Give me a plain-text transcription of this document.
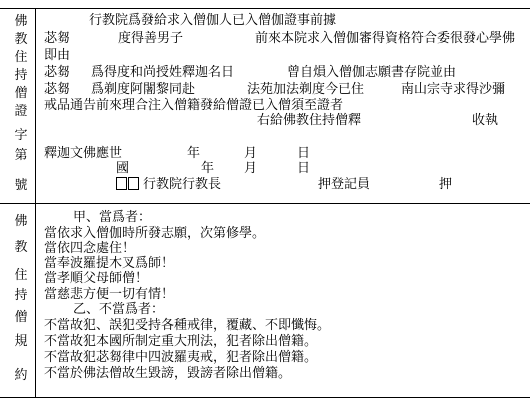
佛
教
住
持
僧
證
字
第
號
佛
教
住
持
僧
規
約
行教院爲發給求入僧伽人已入僧伽證事前據
苾芻	度得善男子	前來本院求入僧伽審得資格符合委很發心學佛
即由
苾芻 爲得度和尚授姓釋迦名日	曾自熉入僧伽志願書存院並由
苾芻 爲剃度阿闍黎同赴	法苑加法剃度今已住	南山宗寺求得沙彌
戒品通告前來理合注入僧籍發給僧證已入僧須至證者
右給佛教住持僧釋	收執
釋迦文佛應世	年	月	日
國	年 月	日
行教院行教長	押登記員	押
甲、當爲者：
當依求入僧伽時所發志願，次第修學。
當依四念處住！
當奉波羅提木叉爲師！
當孝順父母師僧！
當慈悲方便一切有情！
乙、不當爲者：
不當故犯、誤犯受持各種戒律，覆藏、不即懺悔。
不當故犯本國所制定重大刑法，犯者除出僧籍。
不當故犯苾芻律中四波羅夷戒，犯者除出僧籍。
不當於佛法僧故生毀謗，毀謗者除出僧籍。
